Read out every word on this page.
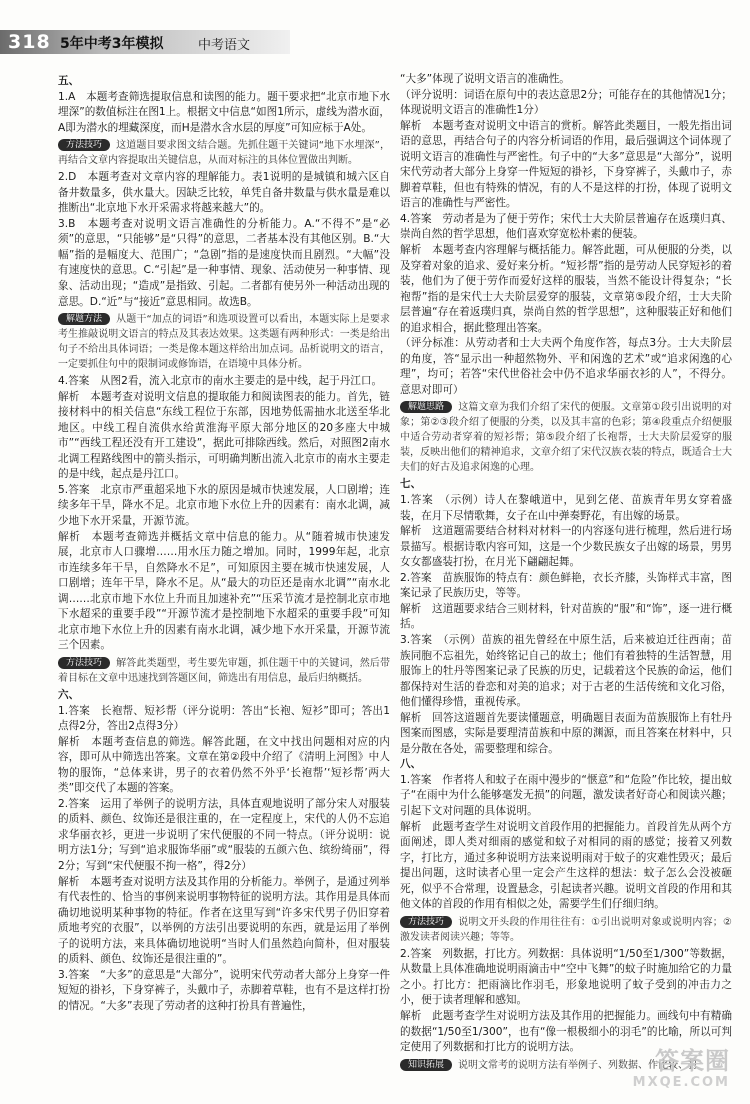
318 5年中考3年模拟	中考语文
五、
1.A　本题考查筛选提取信息和读图的能力。题干要求把“北京市地下水埋深”的数值标注在图1上。根据文中信息“如图1所示，虚线为潜水面，A即为潜水的埋藏深度，而H是潜水含水层的厚度”可知应标于A处。
方法技巧 这道题目要求图文结合题。先抓住题干关键词“地下水埋深”，再结合文章内容提取出关键信息，从而对标注的具体位置做出判断。
2.D　本题考查对文章内容的理解能力。表1说明的是城镇和城六区自备井数量多，供水量大。因缺乏比较，单凭自备井数量与供水量是难以推断出“北京地下水开采需求将越来越大”的。
3.B　本题考查对说明文语言准确性的分析能力。A.“不得不”是“必须”的意思，“只能够”是“只得”的意思，二者基本没有其他区别。B.“大幅”指的是幅度大、范围广；“急剧”指的是速度快而且剧烈。“大幅”没有速度快的意思。C.“引起”是一种事情、现象、活动使另一种事情、现象、活动出现；“造成”是指致、引起。二者都有使另外一种活动出现的意思。D.“近”与“接近”意思相同。故选B。
解题方法 从题干“加点的词语”和选项设置可以看出，本题实际上是要求考生推敲说明文语言的特点及其表达效果。这类题有两种形式：一类是给出句子不给出具体词语；一类是像本题这样给出加点词。品析说明文的语言，一定要抓住句中的限制词或修饰语，在语境中具体分析。
4.答案　从图2看，流入北京市的南水主要走的是中线，起于丹江口。
解析　本题考查对说明文信息的提取能力和阅读图表的能力。首先，链接材料中的相关信息“东线工程位于东部，因地势低需抽水北送至华北地区。中线工程自流供水给黄淮海平原大部分地区的20多座大中城市”“西线工程还没有开工建设”，据此可排除西线。然后，对照图2南水北调工程路线图中的箭头指示，可明确判断出流入北京市的南水主要走的是中线，起点是丹江口。
5.答案　北京市严重超采地下水的原因是城市快速发展，人口剧增；连续多年干旱，降水不足。北京市地下水位上升的因素有：南水北调，减少地下水开采量，开源节流。
解析　本题考查筛选并概括文章中信息的能力。从“随着城市快速发展，北京市人口骤增……用水压力随之增加。同时，1999年起，北京市连续多年干旱，自然降水不足”，可知原因主要在城市快速发展，人口剧增；连年干旱，降水不足。从“最大的功臣还是南水北调”“南水北调……北京市地下水位上升而且加速补充”“压采节流才是控制北京市地下水超采的重要手段”“开源节流才是控制地下水超采的重要手段”可知北京市地下水位上升的因素有南水北调，减少地下水开采量，开源节流三个因素。
方法技巧 解答此类题型，考生要先审题，抓住题干中的关键词，然后带着目标在文章中迅速找到答题区间，筛选出有用信息，最后归纳概括。
六、
1.答案　长袍帮、短衫帮（评分说明：答出“长袍、短衫”即可；答出1点得2分，答出2点得3分）
解析　本题考查信息的筛选。解答此题，在文中找出问题相对应的内容，即可从中筛选出答案。文章在第②段中介绍了《清明上河图》中人物的服饰，“总体来讲，男子的衣着仍然不外乎‘长袍帮’‘短衫帮’两大类”即交代了本题的答案。
2.答案　运用了举例子的说明方法，具体直观地说明了部分宋人对服装的质料、颜色、纹饰还是很注重的，在一定程度上，宋代的人仍不忘追求华丽衣衫，更进一步说明了宋代便服的不同一特点。（评分说明：说明方法1分；写到“追求服饰华丽”或“服装的五颜六色、缤纷绮丽”，得2分；写到“宋代便服不拘一格”，得2分）
解析　本题考查对说明方法及其作用的分析能力。举例子，是通过列举有代表性的、恰当的事例来说明事物特征的说明方法。其作用是具体而确切地说明某种事物的特征。作者在这里写到“许多宋代男子仍旧穿着质地考究的衣服”，以举例的方法引出要说明的东西，就是运用了举例子的说明方法，来具体确切地说明“当时人们虽然趋向简朴，但对服装的质料、颜色、纹饰还是很注重的”。
3.答案　“大多”的意思是“大部分”，说明宋代劳动者大部分上身穿一件短短的褂衫，下身穿裤子，头戴巾子，赤脚着草鞋，也有不是这样打扮的情况。“大多”表现了劳动者的这种打扮具有普遍性，
“大多”体现了说明文语言的准确性。
（评分说明：词语在原句中的表达意思2分；可能存在的其他情况1分；体现说明文语言的准确性1分）
解析　本题考查对说明文中语言的赏析。解答此类题目，一般先指出词语的意思，再结合句子的内容分析词语的作用，最后强调这个词体现了说明文语言的准确性与严密性。句子中的“大多”意思是“大部分”，说明宋代劳动者大部分上身穿一件短短的褂衫，下身穿裤子，头戴巾子，赤脚着草鞋，但也有特殊的情况，有的人不是这样的打扮，体现了说明文语言的准确性与严密性。
4.答案　劳动者是为了便于劳作；宋代士大夫阶层普遍存在返璞归真、崇尚自然的哲学思想，他们喜欢穿宽松朴素的便装。
解析　本题考查内容理解与概括能力。解答此题，可从便服的分类，以及穿着对象的追求、爱好来分析。“短衫帮”指的是劳动人民穿短衫的着装，他们为了便于劳作而爱好这样的服装，当然不能设计得复杂；“长袍帮”指的是宋代士大夫阶层爱穿的服装，文章第⑤段介绍，士大夫阶层普遍“存在着返璞归真，崇尚自然的哲学思想”，这种服装正好和他们的追求相合，据此整理出答案。
（评分标准：从劳动者和士大夫两个角度作答，每点3分。士大夫阶层的角度，答“显示出一种超然物外、平和闲逸的艺术”或“追求闲逸的心理”，均可；若答“宋代世俗社会中仍不追求华丽衣衫的人”，不得分。意思对即可）
解题思路 这篇文章为我们介绍了宋代的便服。文章第①段引出说明的对象；第②③段介绍了便服的分类，以及其丰富的色彩；第④段重点介绍便服中适合劳动者穿着的短衫帮；第⑤段介绍了长袍帮，士大夫阶层爱穿的服装，反映出他们的精神追求，文章介绍了宋代汉族衣装的特点，既适合士大夫们的好古及追求闲逸的心理。
七、
1.答案　（示例）诗人在黎峨道中，见到乞佬、苗族青年男女穿着盛装，在月下尽情歌舞，女子在山中弹奏野花，有出嫁的场景。
解析　这道题需要结合材料对材料一的内容逐句进行梳理，然后进行场景描写。根据诗歌内容可知，这是一个少数民族女子出嫁的场景，男男女女都盛装打扮，在月光下翩翩起舞。
2.答案　苗族服饰的特点有：颜色鲜艳，衣长齐膝，头饰样式丰富，图案记录了民族历史，等等。
解析　这道题要求结合三则材料，针对苗族的“服”和“饰”，逐一进行概括。
3.答案　（示例）苗族的祖先曾经在中原生活，后来被迫迁往西南；苗族同胞不忘祖先，始终铭记自己的故土；他们有着独特的生活智慧，用服饰上的牡丹等图案记录了民族的历史，记载着这个民族的命运，他们都保持对生活的眷恋和对美的追求；对于古老的生活传统和文化习俗，他们懂得珍惜，重视传承。
解析　回答这道题首先要读懂题意，明确题目表面为苗族服饰上有牡丹图案而图感，实际是要理清苗族和中原的渊源，而且答案在材料中，只是分散在各处，需要整理和综合。
八、
1.答案　作者将人和蚊子在雨中漫步的“惬意”和“危险”作比较，提出蚊子“在雨中为什么能够毫发无损”的问题，激发读者好奇心和阅读兴趣；引起下文对问题的具体说明。
解析　此题考查学生对说明文首段作用的把握能力。首段首先从两个方面阐述，即人类对细雨的感觉和蚊子对相同的雨的感觉；接着又列数字，打比方，通过多种说明方法来说明雨对于蚊子的灾难性毁灭；最后提出问题，这时读者心里一定会产生这样的想法：蚊子怎么会没被砸死，似乎不合常理，设置悬念，引起读者兴趣。说明文首段的作用和其他文体的首段的作用有相似之处，需要学生们仔细归纳。
方法技巧 说明文开头段的作用往往有：①引出说明对象或说明内容；②激发读者阅读兴趣；等等。
2.答案　列数据，打比方。列数据：具体说明“1/50至1/300”等数据，从数量上具体准确地说明雨滴击中“空中飞舞”的蚊子时施加给它的力量之小。打比方：把雨滴比作羽毛，形象地说明了蚊子受到的冲击力之小，便于读者理解和感知。
解析　此题考查学生对说明方法及其作用的把握能力。画线句中有精确的数据“1/50至1/300”，也有“像一根极细小的羽毛”的比喻，所以可判定使用了列数据和打比方的说明方法。
知识拓展 说明文常考的说明方法有举例子、列数据、作比较、打
答案圈
MXQE.COM
